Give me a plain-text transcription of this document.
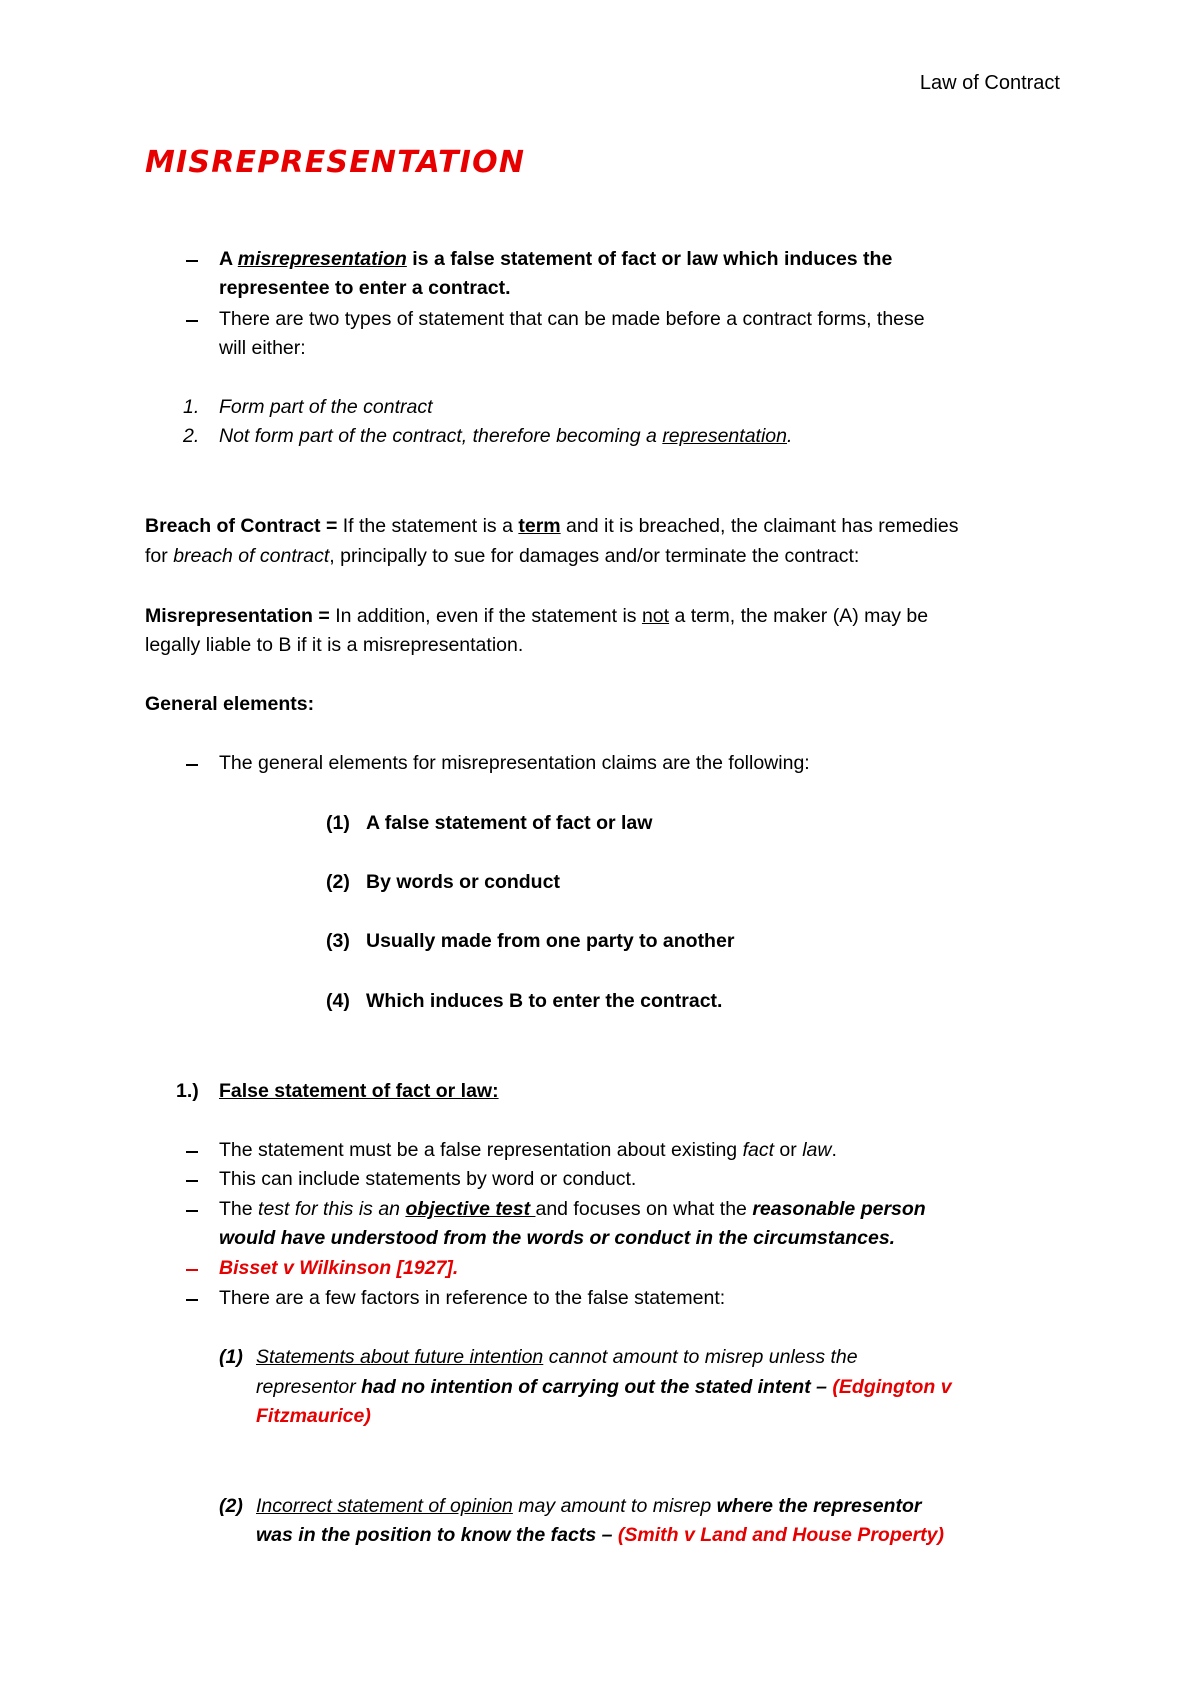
Law of Contract
MISREPRESENTATION
A misrepresentation is a false statement of fact or law which induces the
representee to enter a contract.
There are two types of statement that can be made before a contract forms, these
will either:
1. Form part of the contract
2. Not form part of the contract, therefore becoming a representation.
Breach of Contract = If the statement is a term and it is breached, the claimant has remedies
for breach of contract, principally to sue for damages and/or terminate the contract:
Misrepresentation = In addition, even if the statement is not a term, the maker (A) may be
legally liable to B if it is a misrepresentation.
General elements:
The general elements for misrepresentation claims are the following:
(1) A false statement of fact or law
(2) By words or conduct
(3) Usually made from one party to another
(4) Which induces B to enter the contract.
1.) False statement of fact or law:
The statement must be a false representation about existing fact or law.
This can include statements by word or conduct.
The test for this is an objective test and focuses on what the reasonable person
would have understood from the words or conduct in the circumstances.
Bisset v Wilkinson [1927].
There are a few factors in reference to the false statement:
(1) Statements about future intention cannot amount to misrep unless the
representor had no intention of carrying out the stated intent – (Edgington v
Fitzmaurice)
(2) Incorrect statement of opinion may amount to misrep where the representor
was in the position to know the facts – (Smith v Land and House Property)
